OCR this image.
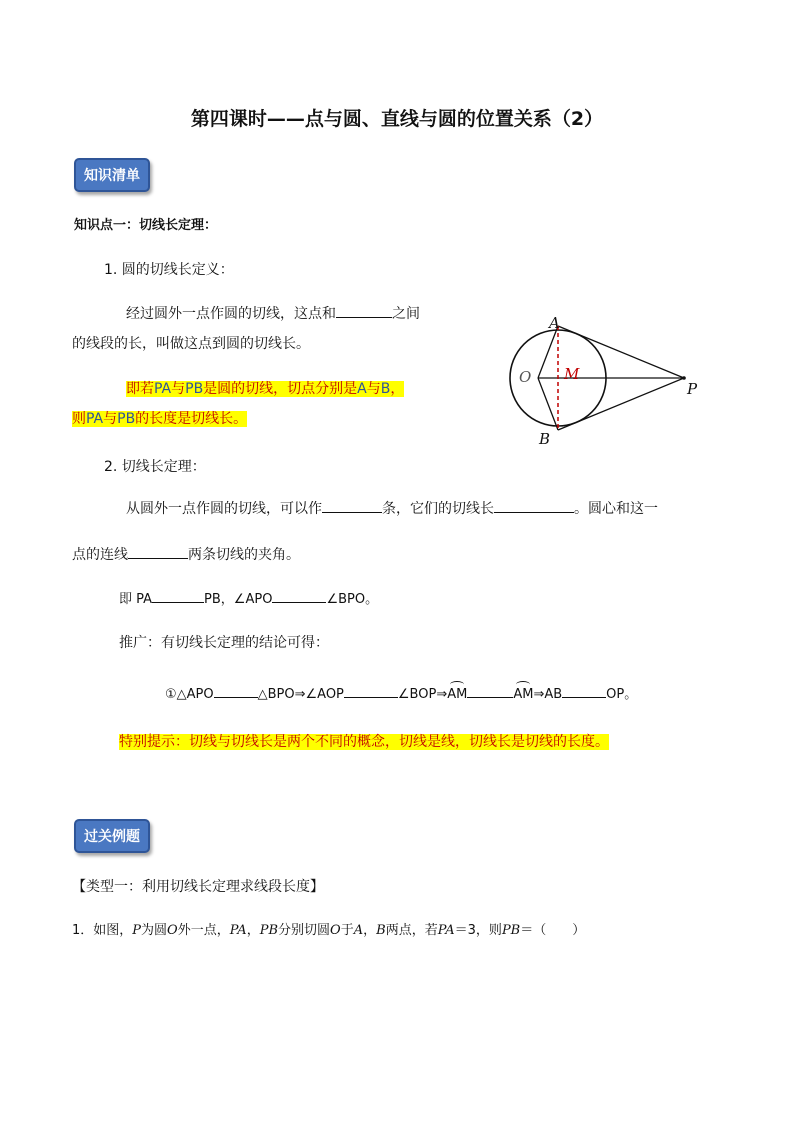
第四课时——点与圆、直线与圆的位置关系（2）
知识清单
知识点一：切线长定理：
1. 圆的切线长定义：
经过圆外一点作圆的切线，这点和	之间
的线段的长，叫做这点到圆的切线长。
即若PA与PB是圆的切线，切点分别是A与B，
则PA与PB的长度是切线长。
A
B
O M
P
2. 切线长定理：
从圆外一点作圆的切线，可以作	条，它们的切线长	。圆心和这一
点的连线	两条切线的夹角。
即 PA	PB，∠APO	∠BPO。
推广：有切线长定理的结论可得：
①△APO	△BPO⇒∠AOP	∠BOP⇒AM	AM⇒AB	OP。
特别提示：切线与切线长是两个不同的概念，切线是线，切线长是切线的长度。
过关例题
【类型一：利用切线长定理求线段长度】
1．如图，P为圆O外一点，PA，PB分别切圆O于A，B两点，若PA＝3，则PB＝（　　）
